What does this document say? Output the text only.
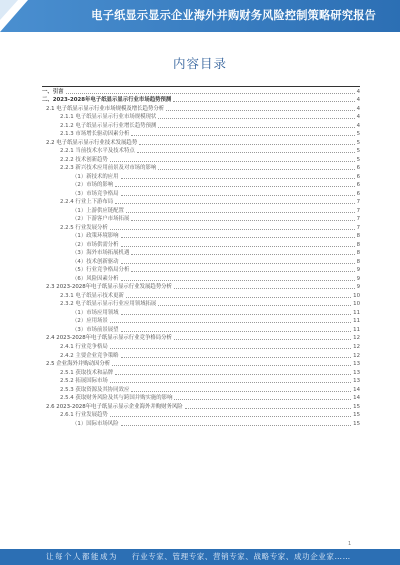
电子纸显示显示企业海外并购财务风险控制策略研究报告
内容目录
一、引言	4
二、2023-2028年电子纸显示显示行业市场趋势预测	4
2.1 电子纸显示显示行业市场规模及增长趋势分析	4
2.1.1 电子纸显示显示行业市场规模现状	4
2.1.2 电子纸显示显示行业增长趋势预测	4
2.1.3 市场增长驱动因素分析	5
2.2 电子纸显示显示行业技术发展趋势	5
2.2.1 当前技术水平及技术特点	5
2.2.2 技术创新趋势	5
2.2.3 新兴技术应用前景及对市场的影响	6
（1）新技术的应用	6
（2）市场的影响	6
（3）市场竞争格局	6
2.2.4 行业上下游布局	7
（1）上游供应链配置	7
（2）下游客户市场拓展	7
2.2.5 行业发展分析	7
（1）政策环境影响	8
（2）市场供需分析	8
（3）海外市场拓展机遇	8
（4）技术创新驱动	8
（5）行业竞争格局分析	9
（6）风险因素分析	9
2.3 2023-2028年电子纸显示显示行业发展趋势分析	9
2.3.1 电子纸显示技术更新	10
2.3.2 电子纸显示显示行业应用领域拓展	10
（1）市场应用领域	11
（2）应用场景	11
（3）市场前景展望	11
2.4 2023-2028年电子纸显示显示行业竞争格局分析	12
2.4.1 行业竞争格局	12
2.4.2 主要企业竞争策略	12
2.5 企业海外并购动因分析	13
2.5.1 获取技术和品牌	13
2.5.2 拓展国际市场	13
2.5.3 获取资源及其协同效应	14
2.5.4 获取财务风险及其与跨国并购实施的影响	14
2.6 2023-2028年电子纸显示显示企业海外并购财务风险	15
2.6.1 行业发展趋势	15
（1）国际市场风险	15
1
让每个人都能成为 行业专家、管理专家、营销专家、战略专家、成功企业家……
